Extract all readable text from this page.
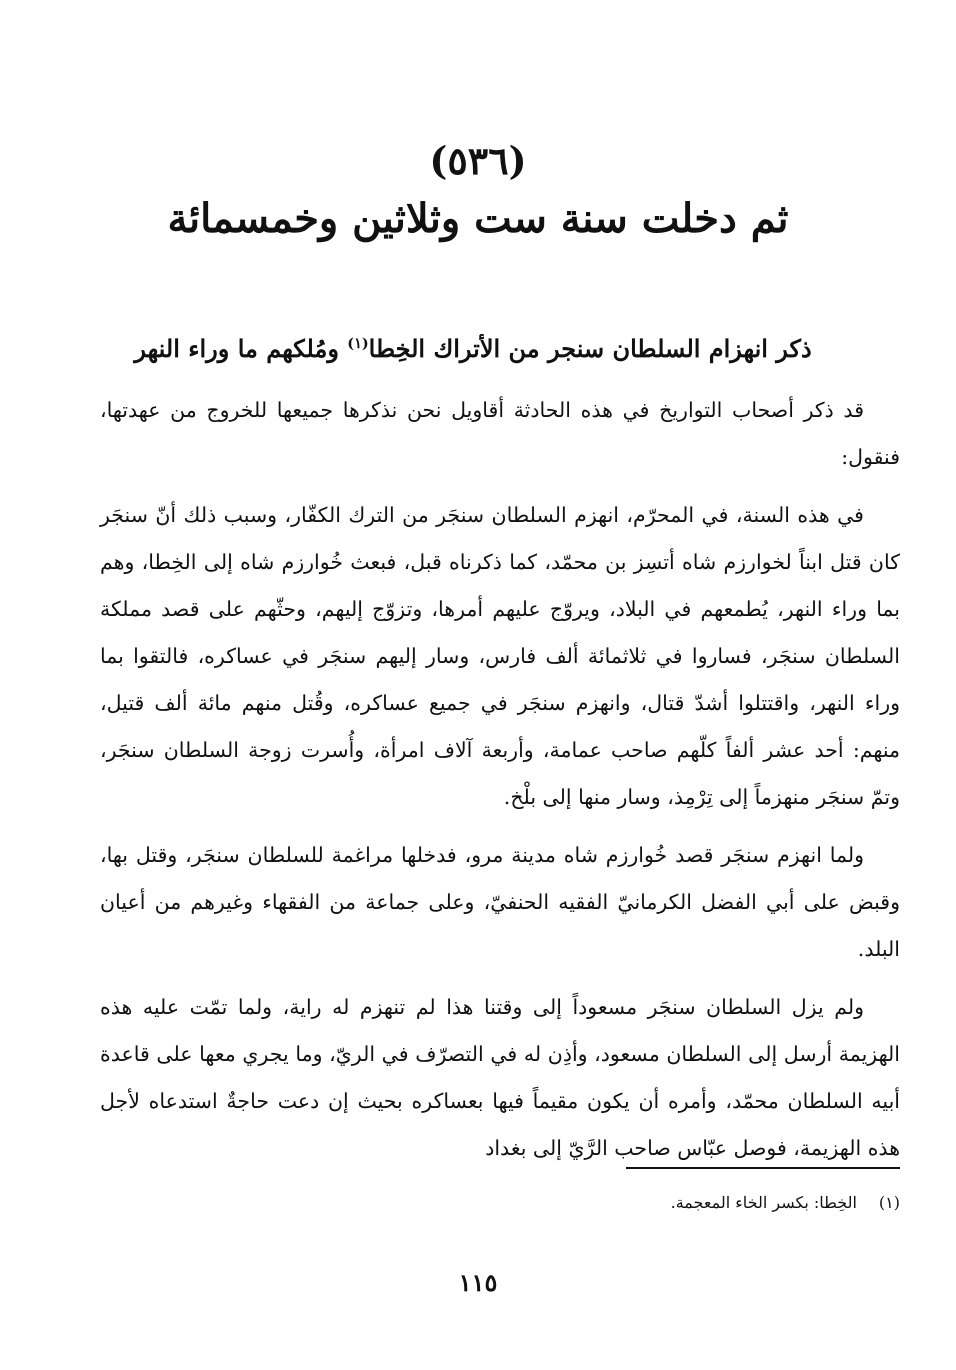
(٥٣٦)
ثم دخلت سنة ست وثلاثين وخمسمائة
ذكر انهزام السلطان سنجر من الأتراك الخِطا$^{(١)}$ ومُلكهم ما وراء النهر

قد ذكر أصحاب التواريخ في هذه الحادثة أقاويل نحن نذكرها جميعها للخروج من عهدتها، فنقول:

في هذه السنة، في المحرّم، انهزم السلطان سنجَر من الترك الكفّار، وسبب ذلك أنّ سنجَر كان قتل ابناً لخوارزم شاه أتسِز بن محمّد، كما ذكرناه قبل، فبعث خُوارزم شاه إلى الخِطا، وهم بما وراء النهر، يُطمعهم في البلاد، ويروّج عليهم أمرها، وتزوّج إليهم، وحثّهم على قصد مملكة السلطان سنجَر، فساروا في ثلاثمائة ألف فارس، وسار إليهم سنجَر في عساكره، فالتقوا بما وراء النهر، واقتتلوا أشدّ قتال، وانهزم سنجَر في جميع عساكره، وقُتل منهم مائة ألف قتيل، منهم: أحد عشر ألفاً كلّهم صاحب عمامة، وأربعة آلاف امرأة، وأُسرت زوجة السلطان سنجَر، وتمّ سنجَر منهزماً إلى تِرْمِذ، وسار منها إلى بلْخ.

ولما انهزم سنجَر قصد خُوارزم شاه مدينة مرو، فدخلها مراغمة للسلطان سنجَر، وقتل بها، وقبض على أبي الفضل الكرمانيّ الفقيه الحنفيّ، وعلى جماعة من الفقهاء وغيرهم من أعيان البلد.

ولم يزل السلطان سنجَر مسعوداً إلى وقتنا هذا لم تنهزم له راية، ولما تمّت عليه هذه الهزيمة أرسل إلى السلطان مسعود، وأذِن له في التصرّف في الريّ، وما يجري معها على قاعدة أبيه السلطان محمّد، وأمره أن يكون مقيماً فيها بعساكره بحيث إن دعت حاجةٌ استدعاه لأجل هذه الهزيمة، فوصل عبّاس صاحب الرَّيّ إلى بغداد

(١)الخِطا: بكسر الخاء المعجمة.
١١٥
